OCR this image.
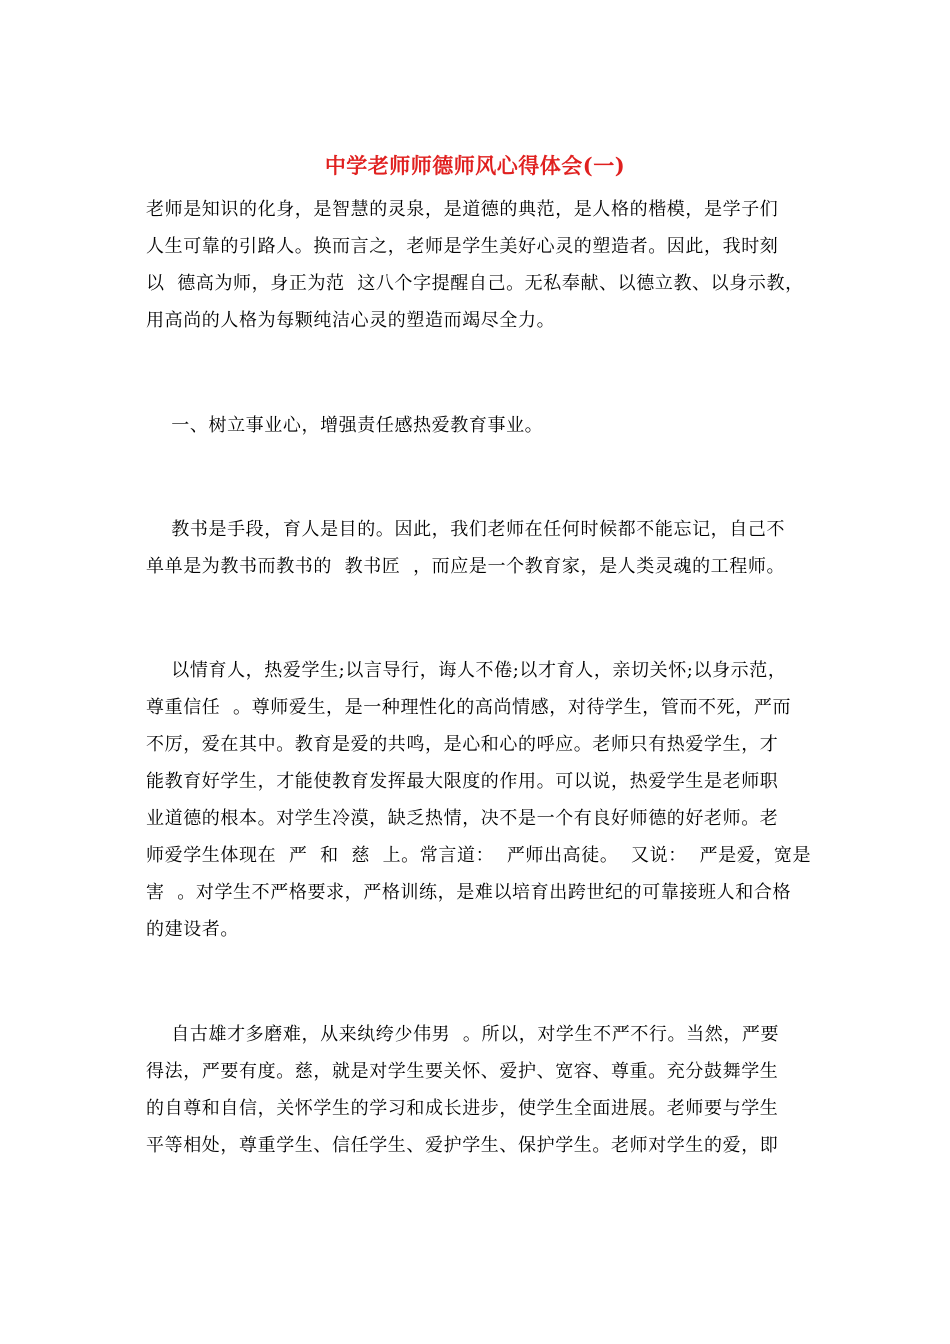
中学老师师德师风心得体会(一)
老师是知识的化身，是智慧的灵泉，是道德的典范，是人格的楷模，是学子们
人生可靠的引路人。换而言之，老师是学生美好心灵的塑造者。因此，我时刻
以  德高为师，身正为范  这八个字提醒自己。无私奉献、以德立教、以身示教，
用高尚的人格为每颗纯洁心灵的塑造而竭尽全力。
一、树立事业心，增强责任感热爱教育事业。
教书是手段，育人是目的。因此，我们老师在任何时候都不能忘记，自己不
单单是为教书而教书的  教书匠  ，而应是一个教育家，是人类灵魂的工程师。
以情育人，热爱学生;以言导行，诲人不倦;以才育人，亲切关怀;以身示范，
尊重信任  。尊师爱生，是一种理性化的高尚情感，对待学生，管而不死，严而
不厉，爱在其中。教育是爱的共鸣，是心和心的呼应。老师只有热爱学生，才
能教育好学生，才能使教育发挥最大限度的作用。可以说，热爱学生是老师职
业道德的根本。对学生冷漠，缺乏热情，决不是一个有良好师德的好老师。老
师爱学生体现在  严  和  慈  上。常言道：  严师出高徒。  又说：  严是爱，宽是
害  。对学生不严格要求，严格训练，是难以培育出跨世纪的可靠接班人和合格
的建设者。
自古雄才多磨难，从来纨绔少伟男  。所以，对学生不严不行。当然，严要
得法，严要有度。慈，就是对学生要关怀、爱护、宽容、尊重。充分鼓舞学生
的自尊和自信，关怀学生的学习和成长进步，使学生全面进展。老师要与学生
平等相处，尊重学生、信任学生、爱护学生、保护学生。老师对学生的爱，即
